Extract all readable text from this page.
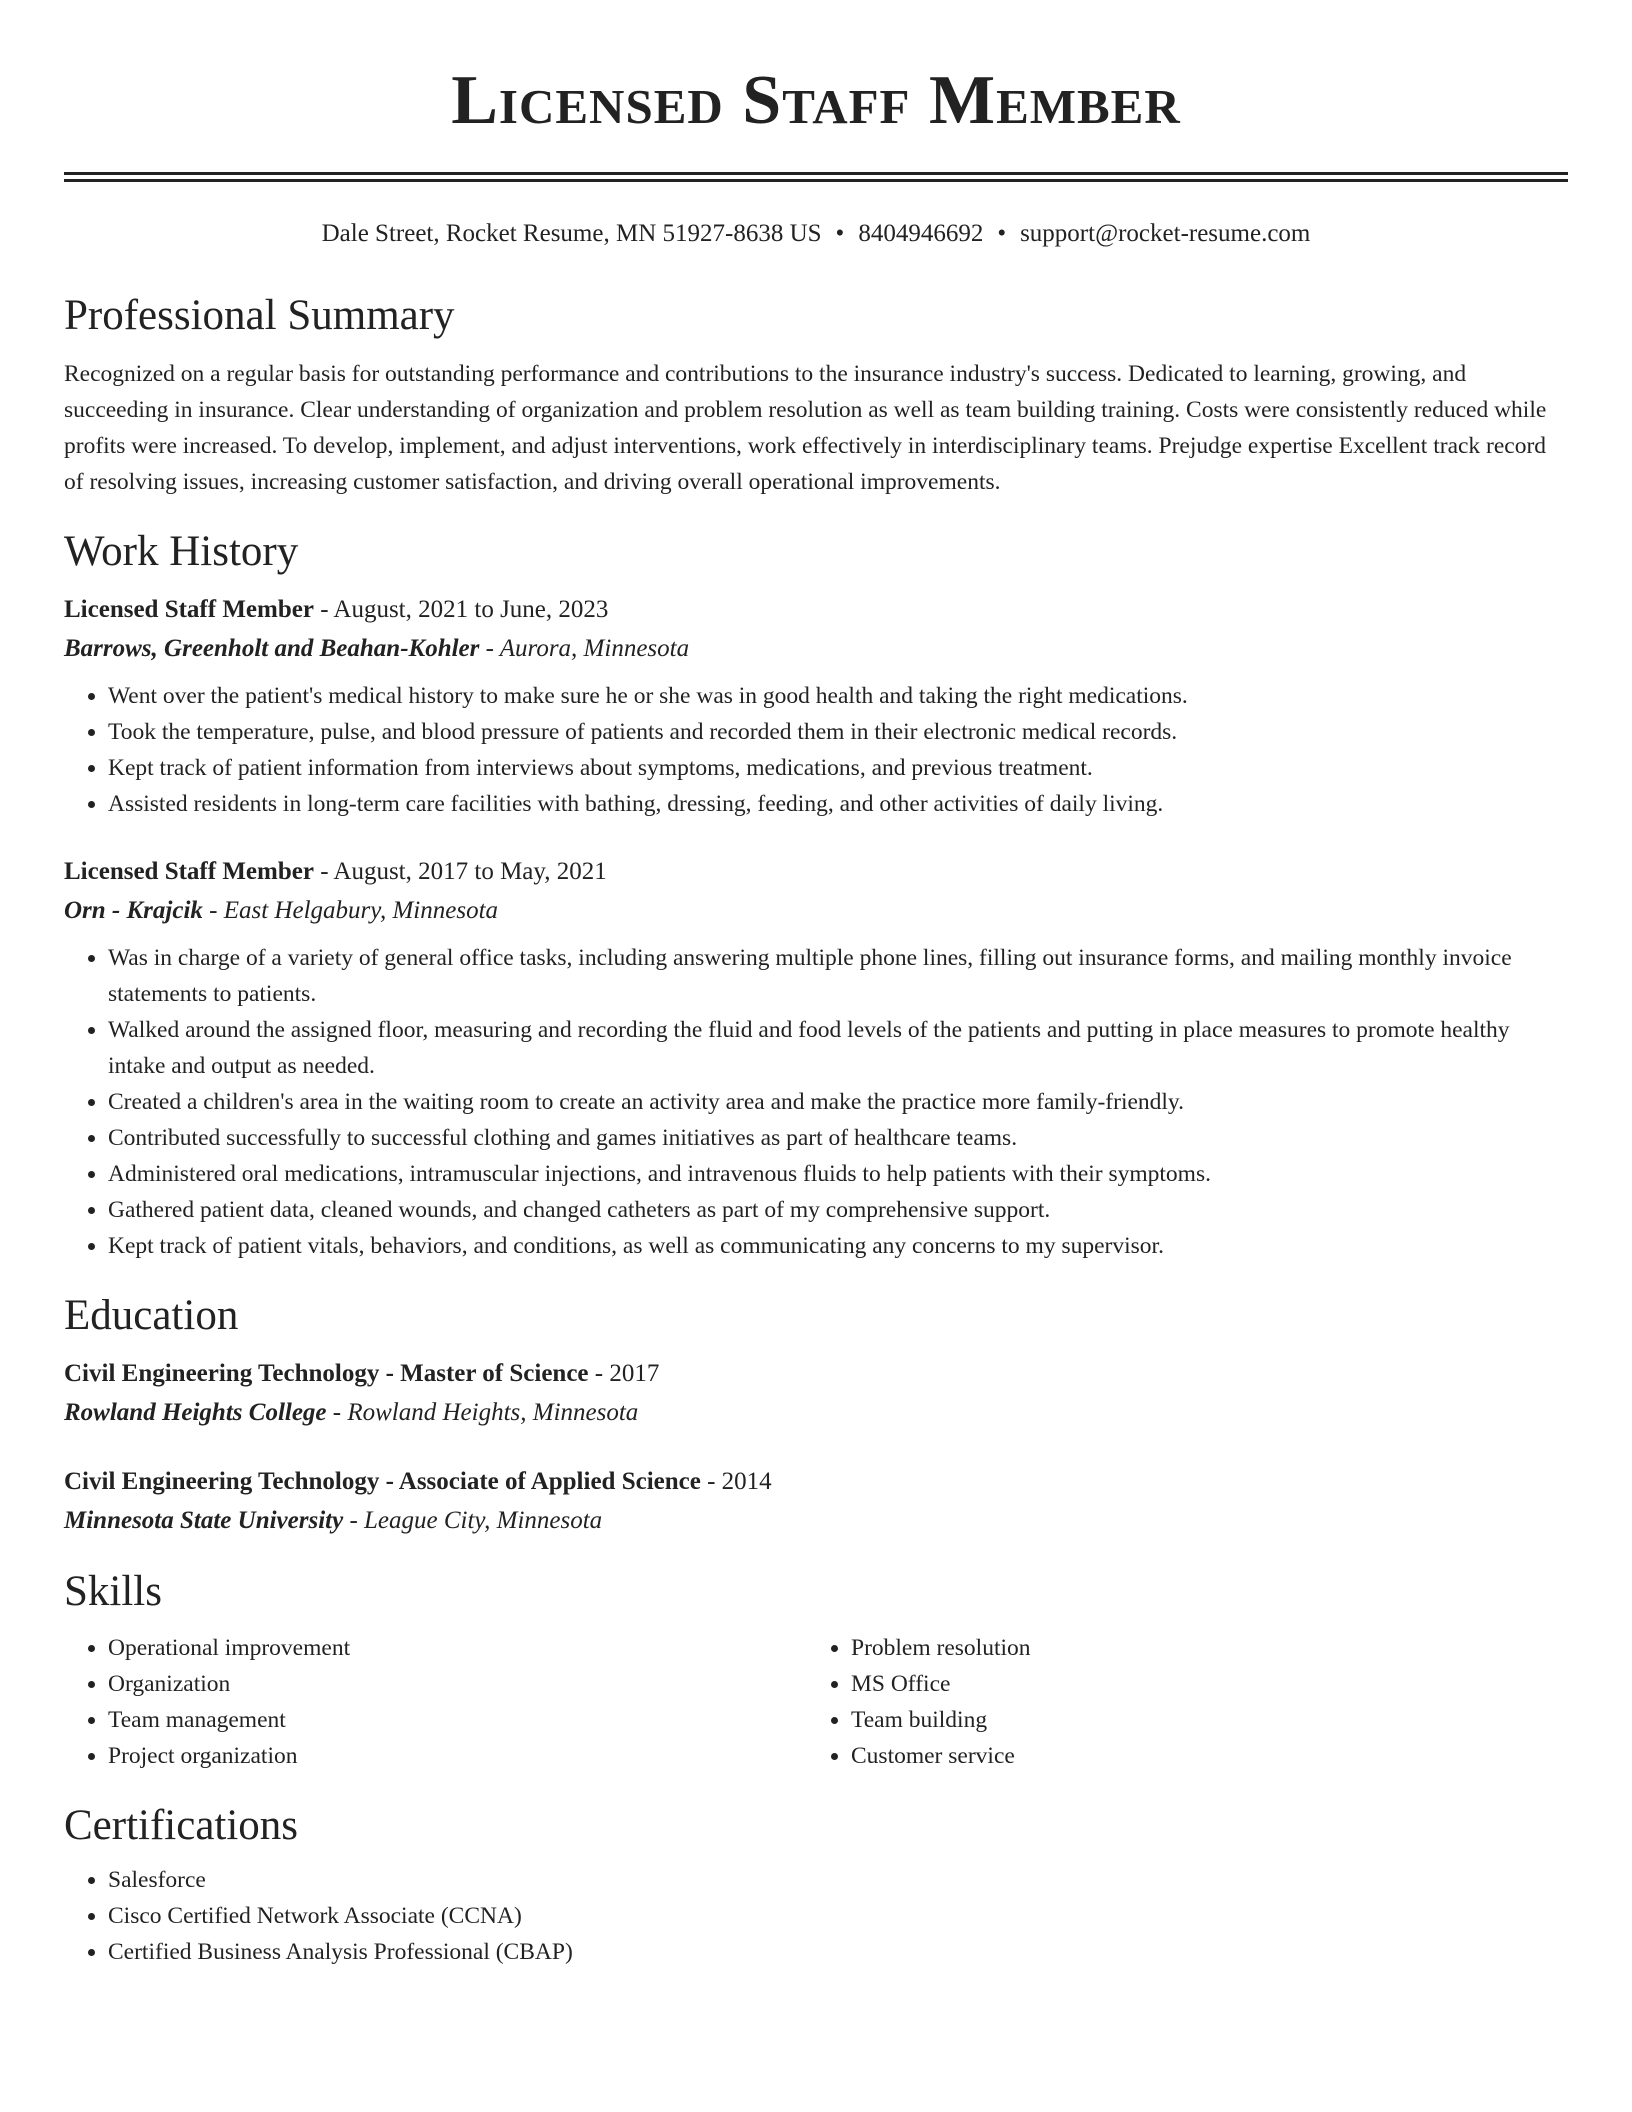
Licensed Staff Member
Dale Street, Rocket Resume, MN 51927-8638 US • 8404946692 • support@rocket-resume.com
Professional Summary

Recognized on a regular basis for outstanding performance and contributions to the insurance industry's success. Dedicated to learning, growing, and succeeding in insurance. Clear understanding of organization and problem resolution as well as team building training. Costs were consistently reduced while profits were increased. To develop, implement, and adjust interventions, work effectively in interdisciplinary teams. Prejudge expertise Excellent track record of resolving issues, increasing customer satisfaction, and driving overall operational improvements.

Work History
Licensed Staff Member - August, 2021 to June, 2023
Barrows, Greenholt and Beahan-Kohler - Aurora, Minnesota
• Went over the patient's medical history to make sure he or she was in good health and taking the right medications.
• Took the temperature, pulse, and blood pressure of patients and recorded them in their electronic medical records.
• Kept track of patient information from interviews about symptoms, medications, and previous treatment.
• Assisted residents in long-term care facilities with bathing, dressing, feeding, and other activities of daily living.
Licensed Staff Member - August, 2017 to May, 2021
Orn - Krajcik - East Helgabury, Minnesota
• Was in charge of a variety of general office tasks, including answering multiple phone lines, filling out insurance forms, and mailing monthly invoice statements to patients.
• Walked around the assigned floor, measuring and recording the fluid and food levels of the patients and putting in place measures to promote healthy intake and output as needed.
• Created a children's area in the waiting room to create an activity area and make the practice more family-friendly.
• Contributed successfully to successful clothing and games initiatives as part of healthcare teams.
• Administered oral medications, intramuscular injections, and intravenous fluids to help patients with their symptoms.
• Gathered patient data, cleaned wounds, and changed catheters as part of my comprehensive support.
• Kept track of patient vitals, behaviors, and conditions, as well as communicating any concerns to my supervisor.
Education
Civil Engineering Technology - Master of Science - 2017
Rowland Heights College - Rowland Heights, Minnesota
Civil Engineering Technology - Associate of Applied Science - 2014
Minnesota State University - League City, Minnesota
Skills
• Operational improvement
• Organization
• Team management
• Project organization
• Problem resolution
• MS Office
• Team building
• Customer service
Certifications
• Salesforce
• Cisco Certified Network Associate (CCNA)
• Certified Business Analysis Professional (CBAP)
